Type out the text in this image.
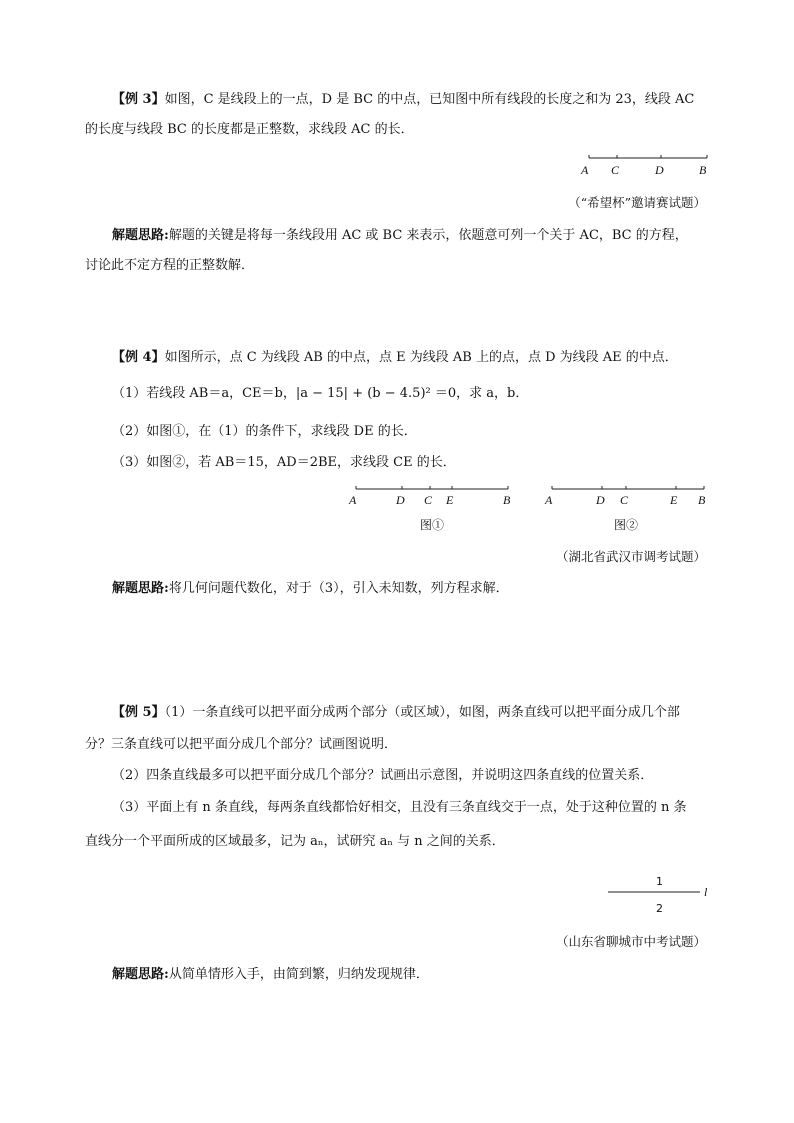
【例 3】如图，C 是线段上的一点，D 是 BC 的中点，已知图中所有线段的长度之和为 23，线段 AC
的长度与线段 BC 的长度都是正整数，求线段 AC 的长．
A C	D	B
（“希望杯”邀请赛试题）
解题思路:解题的关键是将每一条线段用 AC 或 BC 来表示，依题意可列一个关于 AC，BC 的方程，
讨论此不定方程的正整数解．
【例 4】如图所示，点 C 为线段 AB 的中点，点 E 为线段 AB 上的点，点 D 为线段 AE 的中点．
（1）若线段 AB＝a，CE＝b，|a − 15| + (b − 4.5)² ＝0，求 a，b．
（2）如图①，在（1）的条件下，求线段 DE 的长．
（3）如图②，若 AB＝15，AD＝2BE，求线段 CE 的长．
A	D C E	B
图①
A	D C	E B
图②
（湖北省武汉市调考试题）
解题思路:将几何问题代数化，对于（3），引入未知数，列方程求解．
【例 5】（1）一条直线可以把平面分成两个部分（或区域），如图，两条直线可以把平面分成几个部
分？三条直线可以把平面分成几个部分？试画图说明．
（2）四条直线最多可以把平面分成几个部分？试画出示意图，并说明这四条直线的位置关系．
（3）平面上有 n 条直线，每两条直线都恰好相交，且没有三条直线交于一点，处于这种位置的 n 条
直线分一个平面所成的区域最多，记为 aₙ，试研究 aₙ 与 n 之间的关系．
1
l
2
（山东省聊城市中考试题）
解题思路:从简单情形入手，由简到繁，归纳发现规律．
